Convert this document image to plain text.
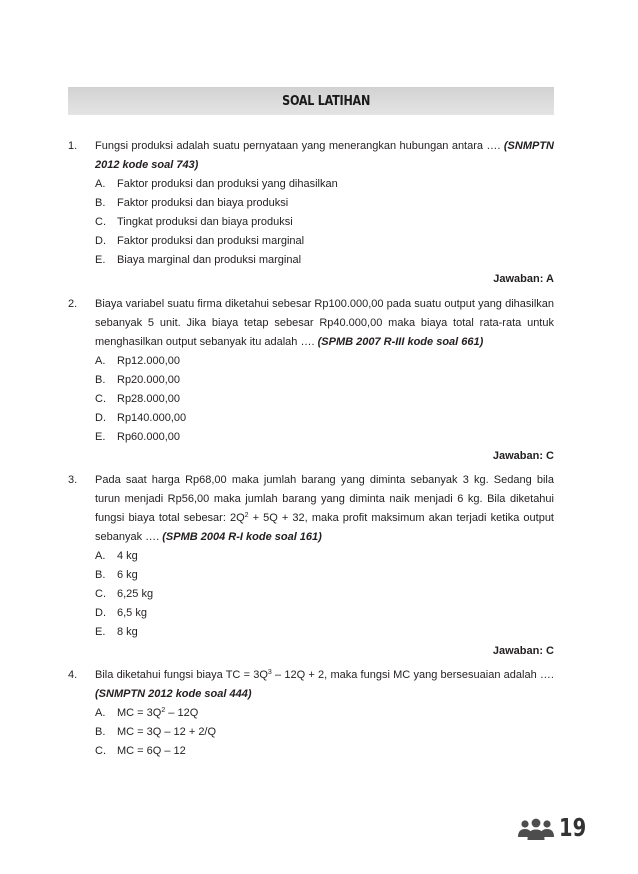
SOAL LATIHAN
1. Fungsi produksi adalah suatu pernyataan yang menerangkan hubungan antara …. (SNMPTN 2012 kode soal 743)
A.	Faktor produksi dan produksi yang dihasilkan
B.	Faktor produksi dan biaya produksi
C.	Tingkat produksi dan biaya produksi
D.	Faktor produksi dan produksi marginal
E.	Biaya marginal dan produksi marginal
Jawaban: A
2. Biaya variabel suatu firma diketahui sebesar Rp100.000,00 pada suatu output yang dihasilkan sebanyak 5 unit. Jika biaya tetap sebesar Rp40.000,00 maka biaya total rata-rata untuk menghasilkan output sebanyak itu adalah …. (SPMB 2007 R-III kode soal 661)
A.	Rp12.000,00
B.	Rp20.000,00
C.	Rp28.000,00
D.	Rp140.000,00
E.	Rp60.000,00
Jawaban: C
3. Pada saat harga Rp68,00 maka jumlah barang yang diminta sebanyak 3 kg. Sedang bila turun menjadi Rp56,00 maka jumlah barang yang diminta naik menjadi 6 kg. Bila diketahui fungsi biaya total sebesar: $2Q^2 + 5Q + 32$, maka profit maksimum akan terjadi ketika output sebanyak …. (SPMB 2004 R-I kode soal 161)
A.	4 kg
B.	6 kg
C.	6,25 kg
D.	6,5 kg
E.	8 kg
Jawaban: C
4. Bila diketahui fungsi biaya TC = $3Q^3 - 12Q + 2$, maka fungsi MC yang bersesuaian adalah …. (SNMPTN 2012 kode soal 444)
A.	MC = $3Q^2 - 12Q$
B.	MC = 3Q – 12 + 2/Q
C.	MC = 6Q – 12
19
